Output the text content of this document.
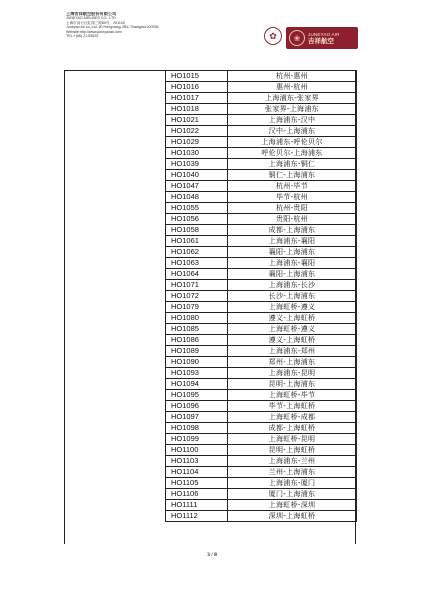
上海吉祥航空股份有限公司
JUNEYAO AIRLINES CO., LTD
上海市闵行区虹翔三路80号，201100
Juneyao Air co.,Ltd. 80 Hongxiang 3Rd, Shanghai 200336
Website:http://www.juneyaoair.com
TEL:+(86) 21-95520	✿	❀	JUNEYAO AIR
吉祥航空
HO1015	杭州-惠州
HO1016	惠州-杭州
HO1017	上海浦东-张家界
HO1018	张家界-上海浦东
HO1021	上海浦东-汉中
HO1022	汉中-上海浦东
HO1029	上海浦东-呼伦贝尔
HO1030	呼伦贝尔-上海浦东
HO1039	上海浦东-铜仁
HO1040	铜仁-上海浦东
HO1047	杭州-毕节
HO1048	毕节-杭州
HO1055	杭州-贵阳
HO1056	贵阳-杭州
HO1058	成都-上海浦东
HO1061	上海浦东-襄阳
HO1062	襄阳-上海浦东
HO1063	上海浦东-襄阳
HO1064	襄阳-上海浦东
HO1071	上海浦东-长沙
HO1072	长沙-上海浦东
HO1079	上海虹桥-遵义
HO1080	遵义-上海虹桥
HO1085	上海虹桥-遵义
HO1086	遵义-上海虹桥
HO1089	上海浦东-郑州
HO1090	郑州-上海浦东
HO1093	上海浦东-昆明
HO1094	昆明-上海浦东
HO1095	上海虹桥-毕节
HO1096	毕节-上海虹桥
HO1097	上海虹桥-成都
HO1098	成都-上海虹桥
HO1099	上海虹桥-昆明
HO1100	昆明-上海虹桥
HO1103	上海浦东-兰州
HO1104	兰州-上海浦东
HO1105	上海浦东-厦门
HO1106	厦门-上海浦东
HO1111	上海虹桥-深圳
HO1112	深圳-上海虹桥
3 / 8
